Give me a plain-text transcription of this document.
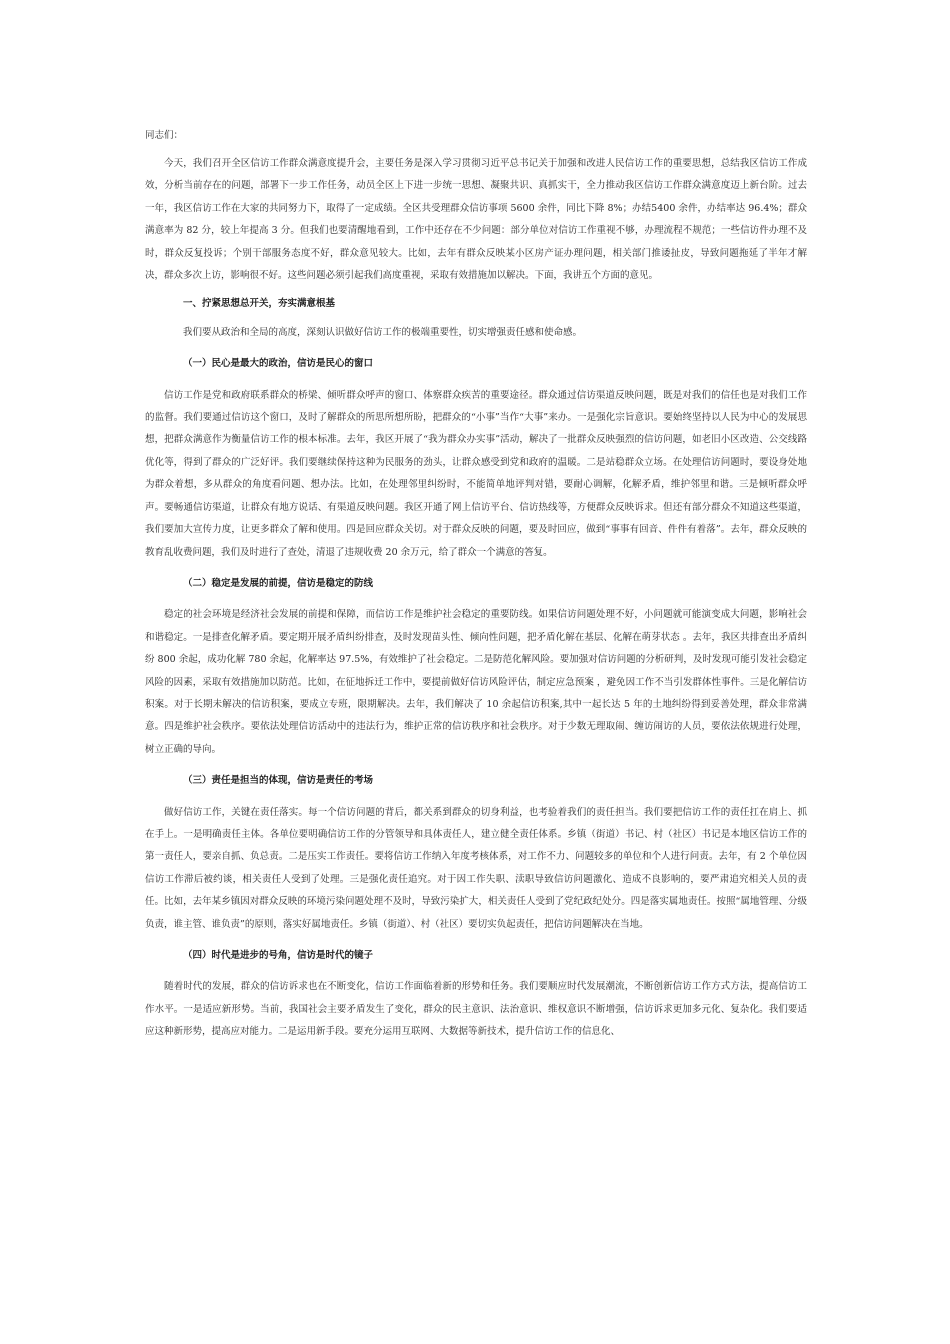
同志们：

今天，我们召开全区信访工作群众满意度提升会，主要任务是深入学习贯彻习近平总书记关于加强和改进人民信访工作的重要思想，总结我区信访工作成效，分析当前存在的问题，部署下一步工作任务，动员全区上下进一步统一思想、凝聚共识、真抓实干，全力推动我区信访工作群众满意度迈上新台阶。过去一年，我区信访工作在大家的共同努力下，取得了一定成绩。全区共受理群众信访事项 5600 余件，同比下降 8%；办结5400 余件，办结率达 96.4%；群众满意率为 82 分，较上年提高 3 分。但我们也要清醒地看到，工作中还存在不少问题：部分单位对信访工作重视不够，办理流程不规范；一些信访件办理不及时，群众反复投诉；个别干部服务态度不好，群众意见较大。比如，去年有群众反映某小区房产证办理问题，相关部门推诿扯皮，导致问题拖延了半年才解决，群众多次上访，影响很不好。这些问题必须引起我们高度重视，采取有效措施加以解决。下面，我讲五个方面的意见。

一、拧紧思想总开关，夯实满意根基

我们要从政治和全局的高度，深刻认识做好信访工作的极端重要性，切实增强责任感和使命感。

（一）民心是最大的政治，信访是民心的窗口

信访工作是党和政府联系群众的桥梁、倾听群众呼声的窗口、体察群众疾苦的重要途径。群众通过信访渠道反映问题，既是对我们的信任也是对我们工作的监督。我们要通过信访这个窗口，及时了解群众的所思所想所盼，把群众的“小事”当作“大事”来办。一是强化宗旨意识。要始终坚持以人民为中心的发展思想，把群众满意作为衡量信访工作的根本标准。去年，我区开展了“我为群众办实事”活动，解决了一批群众反映强烈的信访问题，如老旧小区改造、公交线路优化等，得到了群众的广泛好评。我们要继续保持这种为民服务的劲头，让群众感受到党和政府的温暖。二是站稳群众立场。在处理信访问题时，要设身处地为群众着想，多从群众的角度看问题、想办法。比如，在处理邻里纠纷时，不能简单地评判对错，要耐心调解，化解矛盾，维护邻里和谐。三是倾听群众呼声。要畅通信访渠道，让群众有地方说话、有渠道反映问题。我区开通了网上信访平台、信访热线等，方便群众反映诉求。但还有部分群众不知道这些渠道，我们要加大宣传力度，让更多群众了解和使用。四是回应群众关切。对于群众反映的问题，要及时回应，做到“事事有回音、件件有着落”。去年，群众反映的教育乱收费问题，我们及时进行了查处，清退了违规收费 20 余万元，给了群众一个满意的答复。

（二）稳定是发展的前提，信访是稳定的防线

稳定的社会环境是经济社会发展的前提和保障，而信访工作是维护社会稳定的重要防线。如果信访问题处理不好，小问题就可能演变成大问题，影响社会和谐稳定。一是排查化解矛盾。要定期开展矛盾纠纷排查，及时发现苗头性、倾向性问题，把矛盾化解在基层、化解在萌芽状态 。去年，我区共排查出矛盾纠纷 800 余起，成功化解 780 余起，化解率达 97.5%，有效维护了社会稳定。二是防范化解风险。要加强对信访问题的分析研判，及时发现可能引发社会稳定风险的因素，采取有效措施加以防范。比如，在征地拆迁工作中，要提前做好信访风险评估，制定应急预案 ，避免因工作不当引发群体性事件。三是化解信访积案。对于长期未解决的信访积案，要成立专班，限期解决。去年，我们解决了 10 余起信访积案,其中一起长达 5 年的土地纠纷得到妥善处理，群众非常满意。四是维护社会秩序。要依法处理信访活动中的违法行为，维护正常的信访秩序和社会秩序。对于少数无理取闹、缠访闹访的人员，要依法依规进行处理，树立正确的导向。

（三）责任是担当的体现，信访是责任的考场

做好信访工作，关键在责任落实。每一个信访问题的背后，都关系到群众的切身利益，也考验着我们的责任担当。我们要把信访工作的责任扛在肩上、抓在手上。一是明确责任主体。各单位要明确信访工作的分管领导和具体责任人，建立健全责任体系。乡镇（街道）书记、村（社区）书记是本地区信访工作的第一责任人，要亲自抓、负总责。二是压实工作责任。要将信访工作纳入年度考核体系，对工作不力、问题较多的单位和个人进行问责。去年，有 2 个单位因信访工作滞后被约谈，相关责任人受到了处理。三是强化责任追究。对于因工作失职、渎职导致信访问题激化、造成不良影响的，要严肃追究相关人员的责任。比如，去年某乡镇因对群众反映的环境污染问题处理不及时，导致污染扩大，相关责任人受到了党纪政纪处分。四是落实属地责任。按照“属地管理、分级负责，谁主管、谁负责”的原则，落实好属地责任。乡镇（街道）、村（社区）要切实负起责任，把信访问题解决在当地。

（四）时代是进步的号角，信访是时代的镜子

随着时代的发展，群众的信访诉求也在不断变化，信访工作面临着新的形势和任务。我们要顺应时代发展潮流，不断创新信访工作方式方法，提高信访工作水平。一是适应新形势。当前，我国社会主要矛盾发生了变化，群众的民主意识、法治意识、维权意识不断增强，信访诉求更加多元化、复杂化。我们要适应这种新形势，提高应对能力。二是运用新手段。要充分运用互联网、大数据等新技术，提升信访工作的信息化、
